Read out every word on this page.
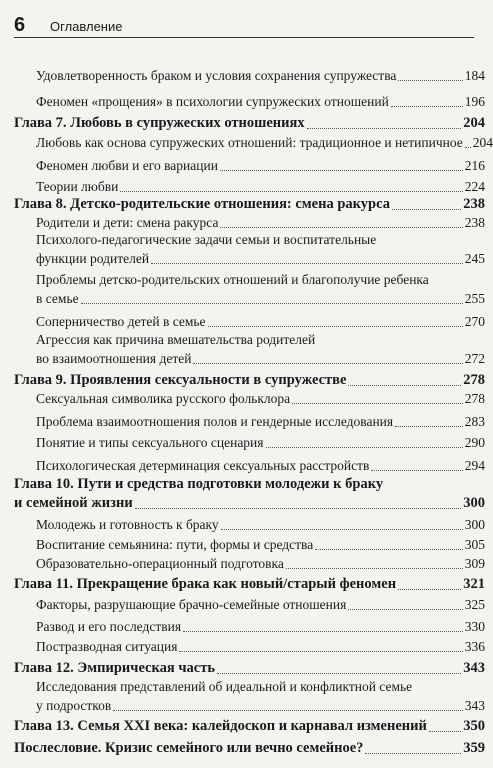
6 Оглавление
Удовлетворенность браком и условия сохранения супружества	184
Феномен «прощения» в психологии супружеских отношений	196
Глава 7. Любовь в супружеских отношениях	204
Любовь как основа супружеских отношений: традиционное и нетипичное 204
Феномен любви и его вариации	216
Теории любви	224
Глава 8. Детско-родительские отношения: смена ракурса	238
Родители и дети: смена ракурса	238
Психолого-педагогические задачи семьи и воспитательные
функции родителей	245
Проблемы детско-родительских отношений и благополучие ребенка
в семье	255
Соперничество детей в семье	270
Агрессия как причина вмешательства родителей
во взаимоотношения детей	272
Глава 9. Проявления сексуальности в супружестве	278
Сексуальная символика русского фольклора	278
Проблема взаимоотношения полов и гендерные исследования	283
Понятие и типы сексуального сценария	290
Психологическая детерминация сексуальных расстройств	294
Глава 10. Пути и средства подготовки молодежи к браку
и семейной жизни	300
Молодежь и готовность к браку	300
Воспитание семьянина: пути, формы и средства	305
Образовательно-операционный подготовка	309
Глава 11. Прекращение брака как новый/старый феномен	321
Факторы, разрушающие брачно-семейные отношения	325
Развод и его последствия	330
Постразводная ситуация	336
Глава 12. Эмпирическая часть	343
Исследования представлений об идеальной и конфликтной семье
у подростков	343
Глава 13. Семья XXI века: калейдоскоп и карнавал изменений	350
Послесловие. Кризис семейного или вечно семейное?	359
